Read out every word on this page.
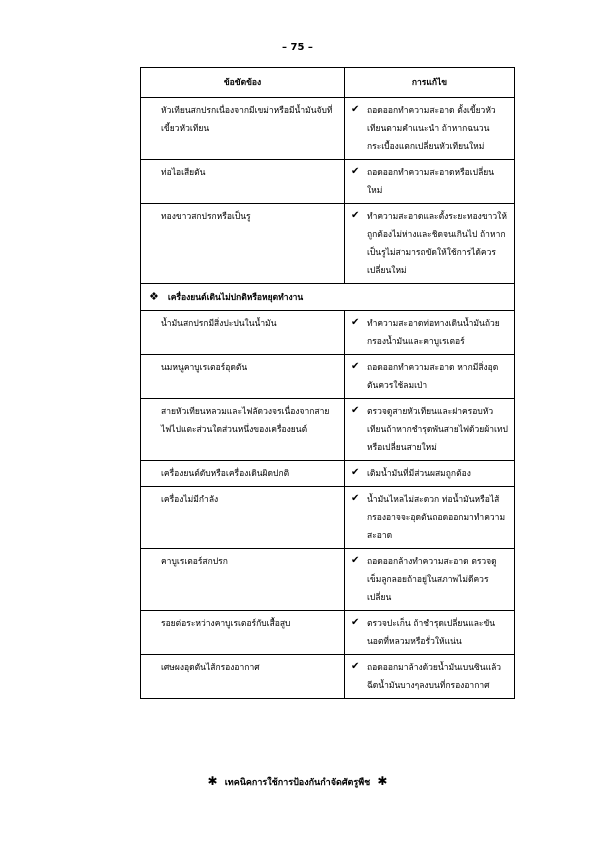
– 75 –
ข้อขัดข้อง	การแก้ไข
หัวเทียนสกปรกเนื่องจากมีเขม่าหรือมีน้ำมันจับที่เขี้ยวหัวเทียน	✔ ถอดออกทำความสะอาด ตั้งเขี้ยวหัวเทียนตามคำแนะนำ ถ้าหากฉนวนกระเบื้องแตกเปลี่ยนหัวเทียนใหม่

ท่อไอเสียตัน	✔ ถอดออกทำความสะอาดหรือเปลี่ยนใหม่

ทองขาวสกปรกหรือเป็นรู	✔ ทำความสะอาดและตั้งระยะทองขาวให้ถูกต้องไม่ห่างและชิดจนเกินไป ถ้าหากเป็นรูไม่สามารถขัดให้ใช้การได้ควรเปลี่ยนใหม่

❖ เครื่องยนต์เดินไม่ปกติหรือหยุดทำงาน	
น้ำมันสกปรกมีสิ่งปะปนในน้ำมัน	✔ ทำความสะอาดท่อทางเดินน้ำมันถ้วยกรองน้ำมันและคาบูเรเตอร์

นมหนูคาบูเรเตอร์อุดตัน	✔ ถอดออกทำความสะอาด หากมีสิ่งอุดตันควรใช้ลมเป่า

สายหัวเทียนหลวมและไฟลัดวงจรเนื่องจากสายไฟไปแตะส่วนใดส่วนหนึ่งของเครื่องยนต์	✔ ตรวจดูสายหัวเทียนและฝาครอบหัวเทียนถ้าหากชำรุดพันสายไฟด้วยผ้าเทปหรือเปลี่ยนสายใหม่

เครื่องยนต์ดับหรือเครื่องเดินผิดปกติ	✔ เติมน้ำมันที่มีส่วนผสมถูกต้อง

เครื่องไม่มีกำลัง	✔ น้ำมันไหลไม่สะดวก ท่อน้ำมันหรือไส้กรองอาจจะอุดตันถอดออกมาทำความสะอาด

คาบูเรเตอร์สกปรก	✔ ถอดออกล้างทำความสะอาด ตรวจดูเข็มลูกลอยถ้าอยู่ในสภาพไม่ดีควรเปลี่ยน

รอยต่อระหว่างคาบูเรเตอร์กับเสื้อสูบ	✔ ตรวจปะเก็น ถ้าชำรุดเปลี่ยนและขันนอตที่หลวมหรือรั่วให้แน่น

เศษผงอุดตันไส้กรองอากาศ	✔ ถอดออกมาล้างด้วยน้ำมันเบนซินแล้วฉีดน้ำมันบางๆลงบนที่กรองอากาศ
✱ เทคนิคการใช้การป้องกันกำจัดศัตรูพืช ✱
